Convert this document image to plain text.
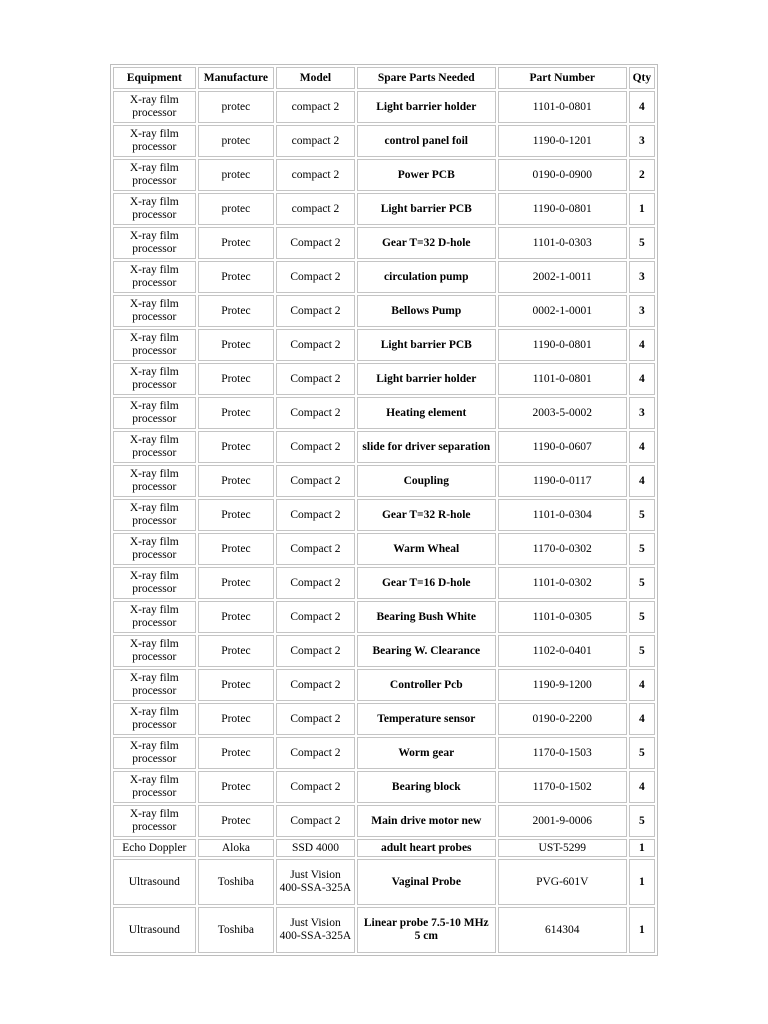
Equipment	Manufacture	Model	Spare Parts Needed	Part Number	Qty
X-ray film processor	protec	compact 2	Light barrier holder	1101-0-0801	4
X-ray film processor	protec	compact 2	control panel foil	1190-0-1201	3
X-ray film processor	protec	compact 2	Power PCB	0190-0-0900	2
X-ray film processor	protec	compact 2	Light barrier PCB	1190-0-0801	1
X-ray film processor	Protec	Compact 2	Gear T=32 D-hole	1101-0-0303	5
X-ray film processor	Protec	Compact 2	circulation pump	2002-1-0011	3
X-ray film processor	Protec	Compact 2	Bellows Pump	0002-1-0001	3
X-ray film processor	Protec	Compact 2	Light barrier PCB	1190-0-0801	4
X-ray film processor	Protec	Compact 2	Light barrier holder	1101-0-0801	4
X-ray film processor	Protec	Compact 2	Heating element	2003-5-0002	3
X-ray film processor	Protec	Compact 2	slide for driver separation	1190-0-0607	4
X-ray film processor	Protec	Compact 2	Coupling	1190-0-0117	4
X-ray film processor	Protec	Compact 2	Gear T=32 R-hole	1101-0-0304	5
X-ray film processor	Protec	Compact 2	Warm Wheal	1170-0-0302	5
X-ray film processor	Protec	Compact 2	Gear T=16 D-hole	1101-0-0302	5
X-ray film processor	Protec	Compact 2	Bearing Bush White	1101-0-0305	5
X-ray film processor	Protec	Compact 2	Bearing W. Clearance	1102-0-0401	5
X-ray film processor	Protec	Compact 2	Controller Pcb	1190-9-1200	4
X-ray film processor	Protec	Compact 2	Temperature sensor	0190-0-2200	4
X-ray film processor	Protec	Compact 2	Worm gear	1170-0-1503	5
X-ray film processor	Protec	Compact 2	Bearing block	1170-0-1502	4
X-ray film processor	Protec	Compact 2	Main drive motor new	2001-9-0006	5
Echo Doppler	Aloka	SSD 4000	adult heart probes	UST-5299	1
Ultrasound	Toshiba	Just Vision 400-SSA-325A	Vaginal Probe	PVG-601V	1
Ultrasound	Toshiba	Just Vision 400-SSA-325A	Linear probe 7.5-10 MHz 5 cm	614304	1
